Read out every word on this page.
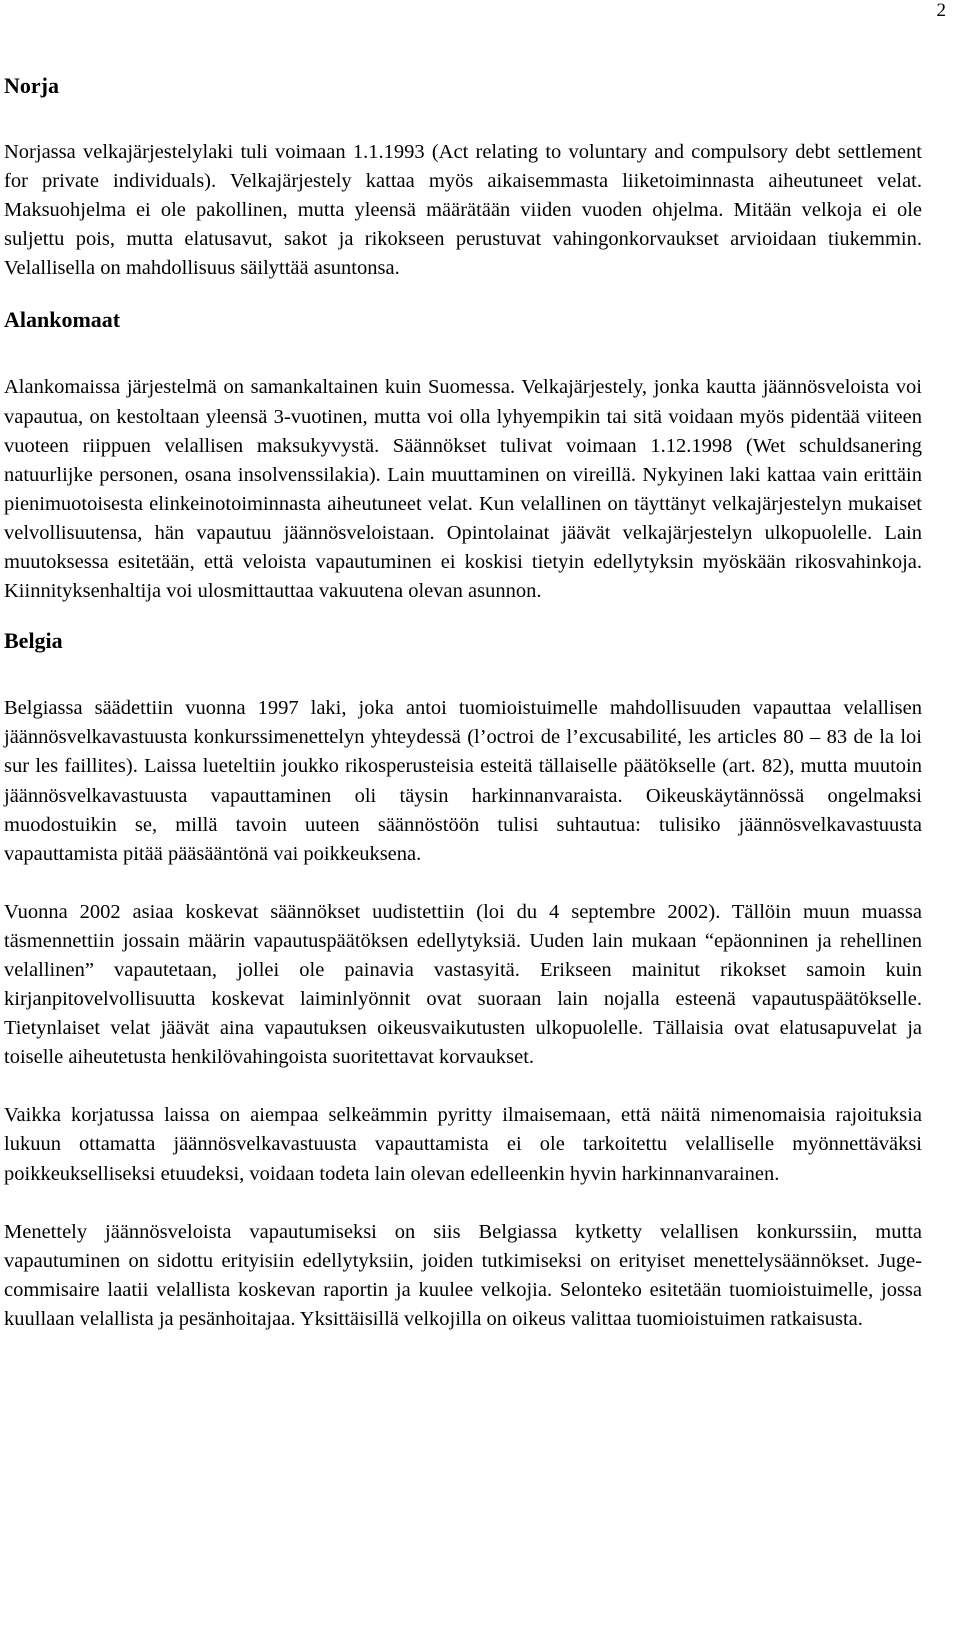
2
Norja

Norjassa velkajärjestelylaki tuli voimaan 1.1.1993 (Act relating to voluntary and compulsory debt settlement for private individuals). Velkajärjestely kattaa myös aikaisemmasta liiketoiminnasta aiheutuneet velat. Maksuohjelma ei ole pakollinen, mutta yleensä määrätään viiden vuoden ohjelma. Mitään velkoja ei ole suljettu pois, mutta elatusavut, sakot ja rikokseen perustuvat vahingonkorvaukset arvioidaan tiukemmin. Velallisella on mahdollisuus säilyttää asuntonsa.

Alankomaat

Alankomaissa järjestelmä on samankaltainen kuin Suomessa. Velkajärjestely, jonka kautta jäännösveloista voi vapautua, on kestoltaan yleensä 3-vuotinen, mutta voi olla lyhyempikin tai sitä voidaan myös pidentää viiteen vuoteen riippuen velallisen maksukyvystä. Säännökset tulivat voimaan 1.12.1998 (Wet schuldsanering natuurlijke personen, osana insolvenssilakia). Lain muuttaminen on vireillä. Nykyinen laki kattaa vain erittäin pienimuotoisesta elinkeinotoiminnasta aiheutuneet velat. Kun velallinen on täyttänyt velkajärjestelyn mukaiset velvollisuutensa, hän vapautuu jäännösveloistaan. Opintolainat jäävät velkajärjestelyn ulkopuolelle. Lain muutoksessa esitetään, että veloista vapautuminen ei koskisi tietyin edellytyksin myöskään rikosvahinkoja. Kiinnityksenhaltija voi ulosmittauttaa vakuutena olevan asunnon.

Belgia

Belgiassa säädettiin vuonna 1997 laki, joka antoi tuomioistuimelle mahdollisuuden vapauttaa velallisen jäännösvelkavastuusta konkurssimenettelyn yhteydessä (l’octroi de l’excusabilité, les articles 80 – 83 de la loi sur les faillites). Laissa lueteltiin joukko rikosperusteisia esteitä tällaiselle päätökselle (art. 82), mutta muutoin jäännösvelkavastuusta vapauttaminen oli täysin harkinnanvaraista. Oikeuskäytännössä ongelmaksi muodostuikin se, millä tavoin uuteen säännöstöön tulisi suhtautua: tulisiko jäännösvelkavastuusta vapauttamista pitää pääsääntönä vai poikkeuksena.

Vuonna 2002 asiaa koskevat säännökset uudistettiin (loi du 4 septembre 2002). Tällöin muun muassa täsmennettiin jossain määrin vapautuspäätöksen edellytyksiä. Uuden lain mukaan “epäonninen ja rehellinen velallinen” vapautetaan, jollei ole painavia vastasyitä. Erikseen mainitut rikokset samoin kuin kirjanpitovelvollisuutta koskevat laiminlyönnit ovat suoraan lain nojalla esteenä vapautuspäätökselle. Tietynlaiset velat jäävät aina vapautuksen oikeusvaikutusten ulkopuolelle. Tällaisia ovat elatusapuvelat ja toiselle aiheutetusta henkilövahingoista suoritettavat korvaukset.

Vaikka korjatussa laissa on aiempaa selkeämmin pyritty ilmaisemaan, että näitä nimenomaisia rajoituksia lukuun ottamatta jäännösvelkavastuusta vapauttamista ei ole tarkoitettu velalliselle myönnettäväksi poikkeukselliseksi etuudeksi, voidaan todeta lain olevan edelleenkin hyvin harkinnanvarainen.

Menettely jäännösveloista vapautumiseksi on siis Belgiassa kytketty velallisen konkurssiin, mutta vapautuminen on sidottu erityisiin edellytyksiin, joiden tutkimiseksi on erityiset menettelysäännökset. Juge-commisaire laatii velallista koskevan raportin ja kuulee velkojia. Selonteko esitetään tuomioistuimelle, jossa kuullaan velallista ja pesänhoitajaa. Yksittäisillä velkojilla on oikeus valittaa tuomioistuimen ratkaisusta.
